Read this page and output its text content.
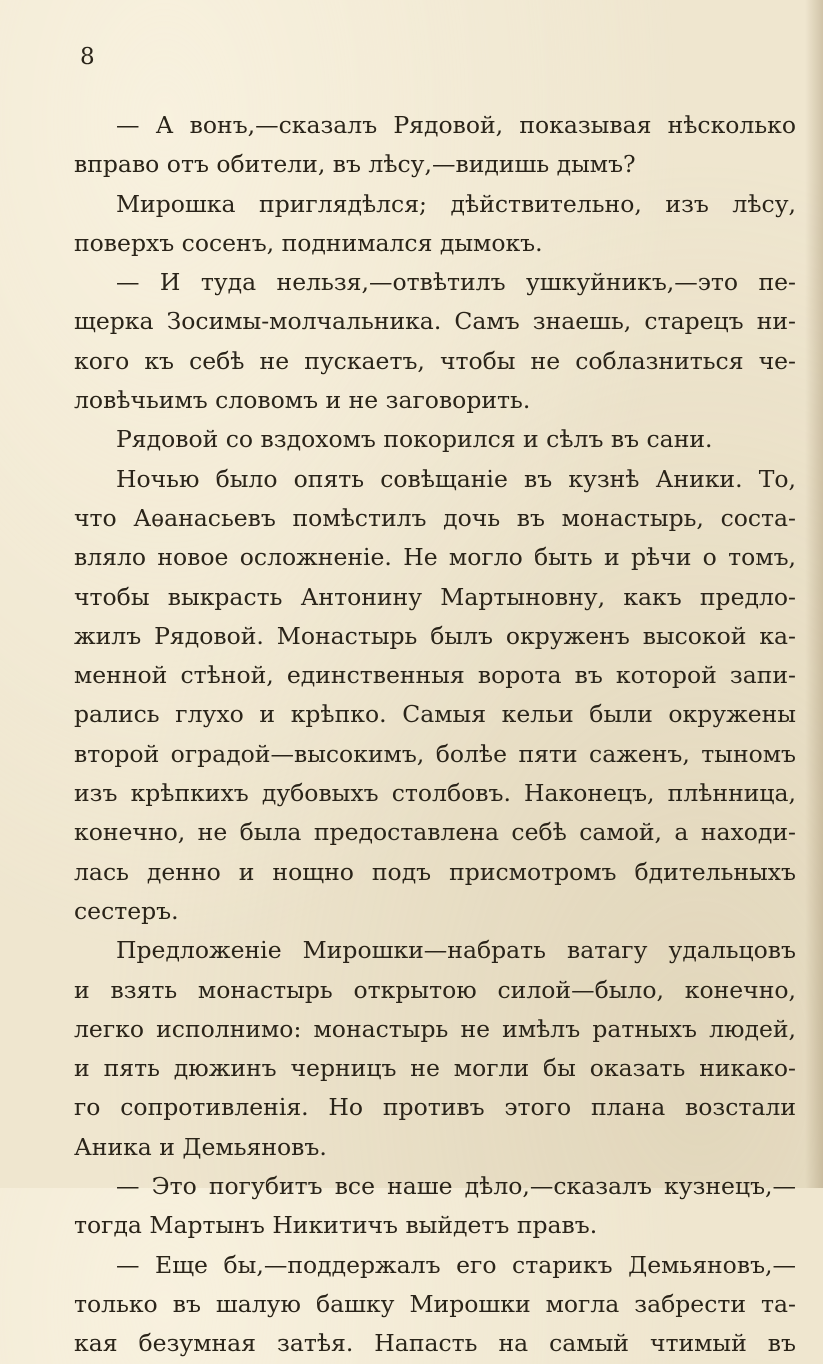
8
— А вонъ,—сказалъ Рядовой, показывая нѣсколько
вправо отъ обители, въ лѣсу,—видишь дымъ?
Мирошка приглядѣлся; дѣйствительно, изъ лѣсу,
поверхъ сосенъ, поднимался дымокъ.
— И туда нельзя,—отвѣтилъ ушкуйникъ,—это пе-
щерка Зосимы-молчальника. Самъ знаешь, старецъ ни-
кого къ себѣ не пускаетъ, чтобы не соблазниться че-
ловѣчьимъ словомъ и не заговорить.
Рядовой со вздохомъ покорился и сѣлъ въ сани.
Ночью было опять совѣщаніе въ кузнѣ Аники. То,
что Аѳанасьевъ помѣстилъ дочь въ монастырь, соста-
вляло новое осложненіе. Не могло быть и рѣчи о томъ,
чтобы выкрасть Антонину Мартыновну, какъ предло-
жилъ Рядовой. Монастырь былъ окруженъ высокой ка-
менной стѣной, единственныя ворота въ которой запи-
рались глухо и крѣпко. Самыя кельи были окружены
второй оградой—высокимъ, болѣе пяти саженъ, тыномъ
изъ крѣпкихъ дубовыхъ столбовъ. Наконецъ, плѣнница,
конечно, не была предоставлена себѣ самой, а находи-
лась денно и нощно подъ присмотромъ бдительныхъ
сестеръ.
Предложеніе Мирошки—набрать ватагу удальцовъ
и взять монастырь открытою силой—было, конечно,
легко исполнимо: монастырь не имѣлъ ратныхъ людей,
и пять дюжинъ черницъ не могли бы оказать никако-
го сопротивленія. Но противъ этого плана возстали
Аника и Демьяновъ.
— Это погубитъ все наше дѣло,—сказалъ кузнецъ,—
тогда Мартынъ Никитичъ выйдетъ правъ.
— Еще бы,—поддержалъ его старикъ Демьяновъ,—
только въ шалую башку Мирошки могла забрести та-
кая безумная затѣя. Напасть на самый чтимый въ
